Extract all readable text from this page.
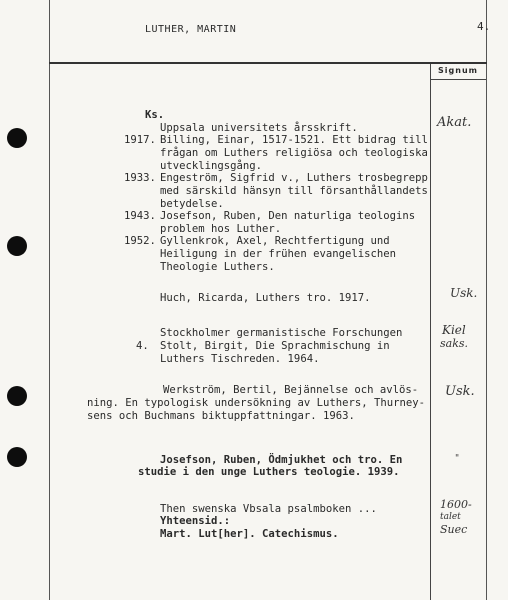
Signum
LUTHER, MARTIN	4.
Ks.
Uppsala universitets årsskrift.
1917. Billing, Einar, 1517-1521. Ett bidrag till
frågan om Luthers religiösa och teologiska
utvecklingsgång.
1933. Engeström, Sigfrid v., Luthers trosbegrepp
med särskild hänsyn till försanthållandets
betydelse.
1943. Josefson, Ruben, Den naturliga teologins
problem hos Luther.
1952. Gyllenkrok, Axel, Rechtfertigung und
Heiligung in der frühen evangelischen
Theologie Luthers.
Akat.
Huch, Ricarda, Luthers tro. 1917.	Usk.
Stockholmer germanistische Forschungen
4. Stolt, Birgit, Die Sprachmischung in
Luthers Tischreden. 1964.
Kiel
saks.
Werkström, Bertil, Bejännelse och avlös-
ning. En typologisk undersökning av Luthers, Thurney-
sens och Buchmans biktuppfattningar. 1963.
Usk.
Josefson, Ruben, Ödmjukhet och tro. En
studie i den unge Luthers teologie. 1939.
"
Then swenska Vbsala psalmboken ...
Yhteensid.:
Mart. Lut[her]. Catechismus.
1600-
talet
Suec
